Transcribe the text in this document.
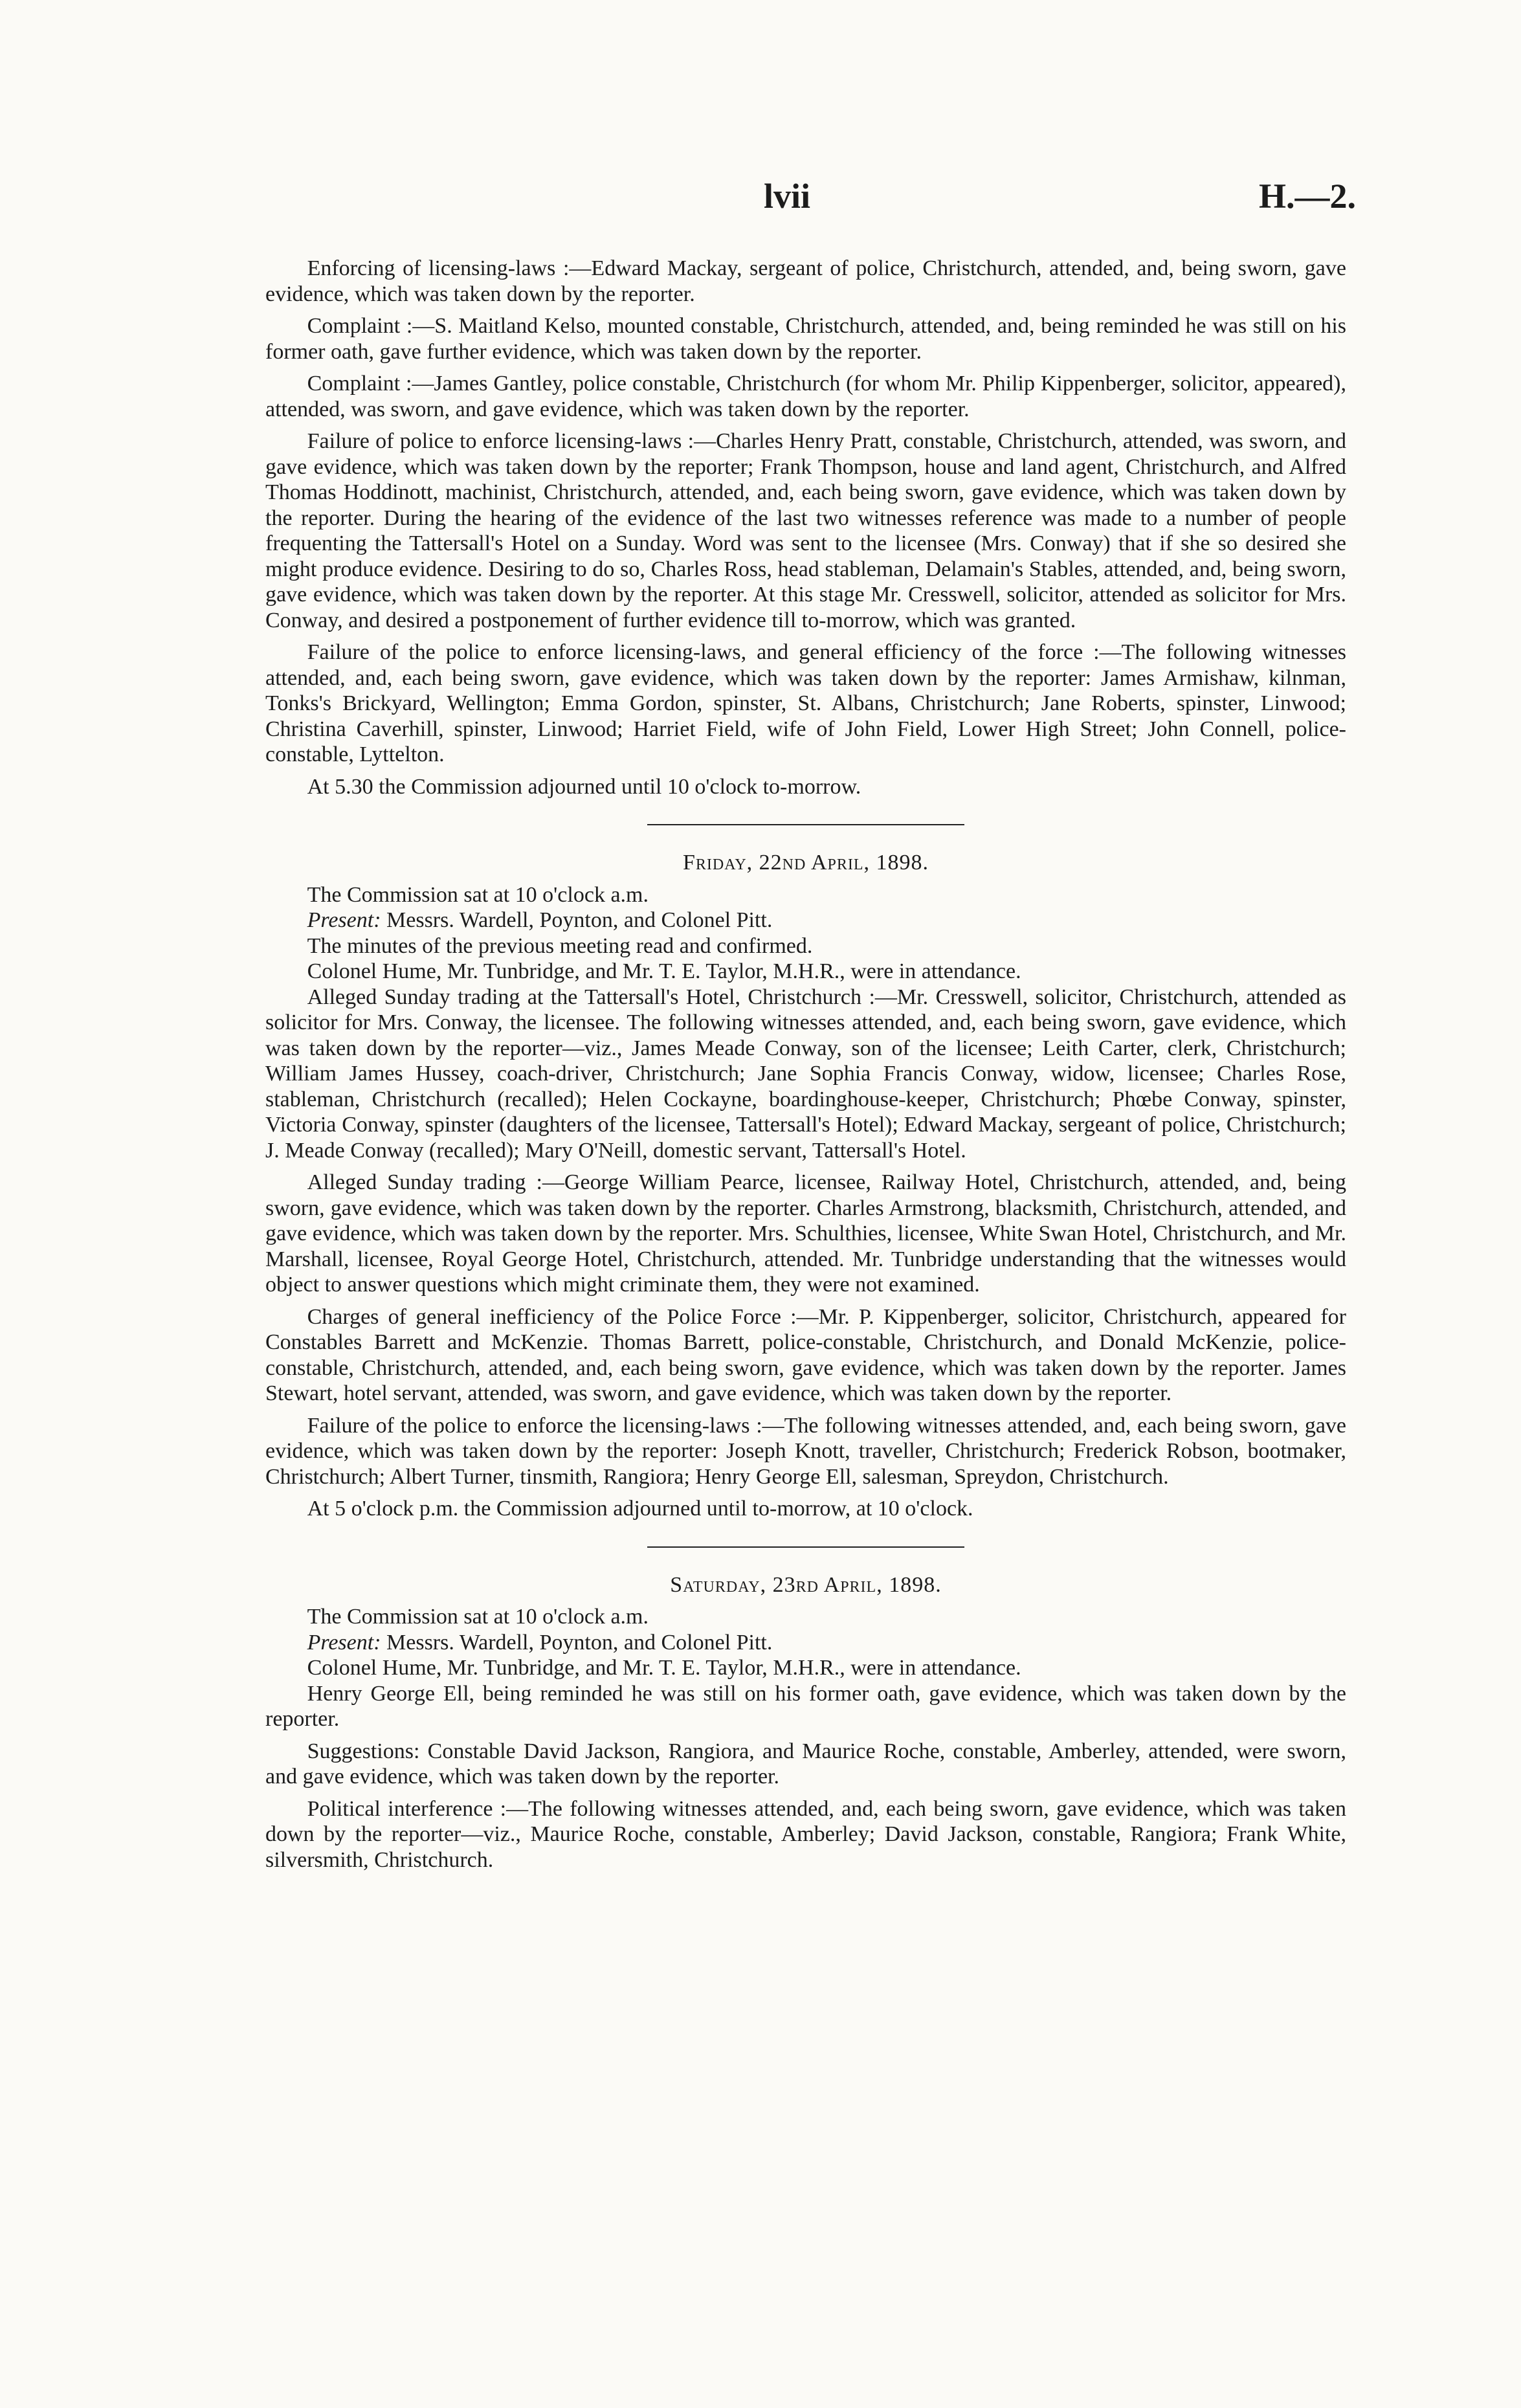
lvii	H.—2.

Enforcing of licensing-laws :—Edward Mackay, sergeant of police, Christchurch, attended, and, being sworn, gave evidence, which was taken down by the reporter.

Complaint :—S. Maitland Kelso, mounted constable, Christchurch, attended, and, being reminded he was still on his former oath, gave further evidence, which was taken down by the reporter.

Complaint :—James Gantley, police constable, Christchurch (for whom Mr. Philip Kippenberger, solicitor, appeared), attended, was sworn, and gave evidence, which was taken down by the reporter.

Failure of police to enforce licensing-laws :—Charles Henry Pratt, constable, Christchurch, attended, was sworn, and gave evidence, which was taken down by the reporter; Frank Thompson, house and land agent, Christchurch, and Alfred Thomas Hoddinott, machinist, Christchurch, attended, and, each being sworn, gave evidence, which was taken down by the reporter. During the hearing of the evidence of the last two witnesses reference was made to a number of people frequenting the Tattersall's Hotel on a Sunday. Word was sent to the licensee (Mrs. Conway) that if she so desired she might produce evidence. Desiring to do so, Charles Ross, head stableman, Delamain's Stables, attended, and, being sworn, gave evidence, which was taken down by the reporter. At this stage Mr. Cresswell, solicitor, attended as solicitor for Mrs. Conway, and desired a postponement of further evidence till to-morrow, which was granted.

Failure of the police to enforce licensing-laws, and general efficiency of the force :—The following witnesses attended, and, each being sworn, gave evidence, which was taken down by the reporter: James Armishaw, kilnman, Tonks's Brickyard, Wellington; Emma Gordon, spinster, St. Albans, Christchurch; Jane Roberts, spinster, Linwood; Christina Caverhill, spinster, Linwood; Harriet Field, wife of John Field, Lower High Street; John Connell, police-constable, Lyttelton.

At 5.30 the Commission adjourned until 10 o'clock to-morrow.

Friday, 22nd April, 1898.

The Commission sat at 10 o'clock a.m.

Present: Messrs. Wardell, Poynton, and Colonel Pitt.

The minutes of the previous meeting read and confirmed.

Colonel Hume, Mr. Tunbridge, and Mr. T. E. Taylor, M.H.R., were in attendance.

Alleged Sunday trading at the Tattersall's Hotel, Christchurch :—Mr. Cresswell, solicitor, Christchurch, attended as solicitor for Mrs. Conway, the licensee. The following witnesses attended, and, each being sworn, gave evidence, which was taken down by the reporter—viz., James Meade Conway, son of the licensee; Leith Carter, clerk, Christchurch; William James Hussey, coach-driver, Christchurch; Jane Sophia Francis Conway, widow, licensee; Charles Rose, stableman, Christchurch (recalled); Helen Cockayne, boardinghouse-keeper, Christchurch; Phœbe Conway, spinster, Victoria Conway, spinster (daughters of the licensee, Tattersall's Hotel); Edward Mackay, sergeant of police, Christchurch; J. Meade Conway (recalled); Mary O'Neill, domestic servant, Tattersall's Hotel.

Alleged Sunday trading :—George William Pearce, licensee, Railway Hotel, Christchurch, attended, and, being sworn, gave evidence, which was taken down by the reporter. Charles Armstrong, blacksmith, Christchurch, attended, and gave evidence, which was taken down by the reporter. Mrs. Schulthies, licensee, White Swan Hotel, Christchurch, and Mr. Marshall, licensee, Royal George Hotel, Christchurch, attended. Mr. Tunbridge understanding that the witnesses would object to answer questions which might criminate them, they were not examined.

Charges of general inefficiency of the Police Force :—Mr. P. Kippenberger, solicitor, Christchurch, appeared for Constables Barrett and McKenzie. Thomas Barrett, police-constable, Christchurch, and Donald McKenzie, police-constable, Christchurch, attended, and, each being sworn, gave evidence, which was taken down by the reporter. James Stewart, hotel servant, attended, was sworn, and gave evidence, which was taken down by the reporter.

Failure of the police to enforce the licensing-laws :—The following witnesses attended, and, each being sworn, gave evidence, which was taken down by the reporter: Joseph Knott, traveller, Christchurch; Frederick Robson, bootmaker, Christchurch; Albert Turner, tinsmith, Rangiora; Henry George Ell, salesman, Spreydon, Christchurch.

At 5 o'clock p.m. the Commission adjourned until to-morrow, at 10 o'clock.

Saturday, 23rd April, 1898.

The Commission sat at 10 o'clock a.m.

Present: Messrs. Wardell, Poynton, and Colonel Pitt.

Colonel Hume, Mr. Tunbridge, and Mr. T. E. Taylor, M.H.R., were in attendance.

Henry George Ell, being reminded he was still on his former oath, gave evidence, which was taken down by the reporter.

Suggestions: Constable David Jackson, Rangiora, and Maurice Roche, constable, Amberley, attended, were sworn, and gave evidence, which was taken down by the reporter.

Political interference :—The following witnesses attended, and, each being sworn, gave evidence, which was taken down by the reporter—viz., Maurice Roche, constable, Amberley; David Jackson, constable, Rangiora; Frank White, silversmith, Christchurch.
